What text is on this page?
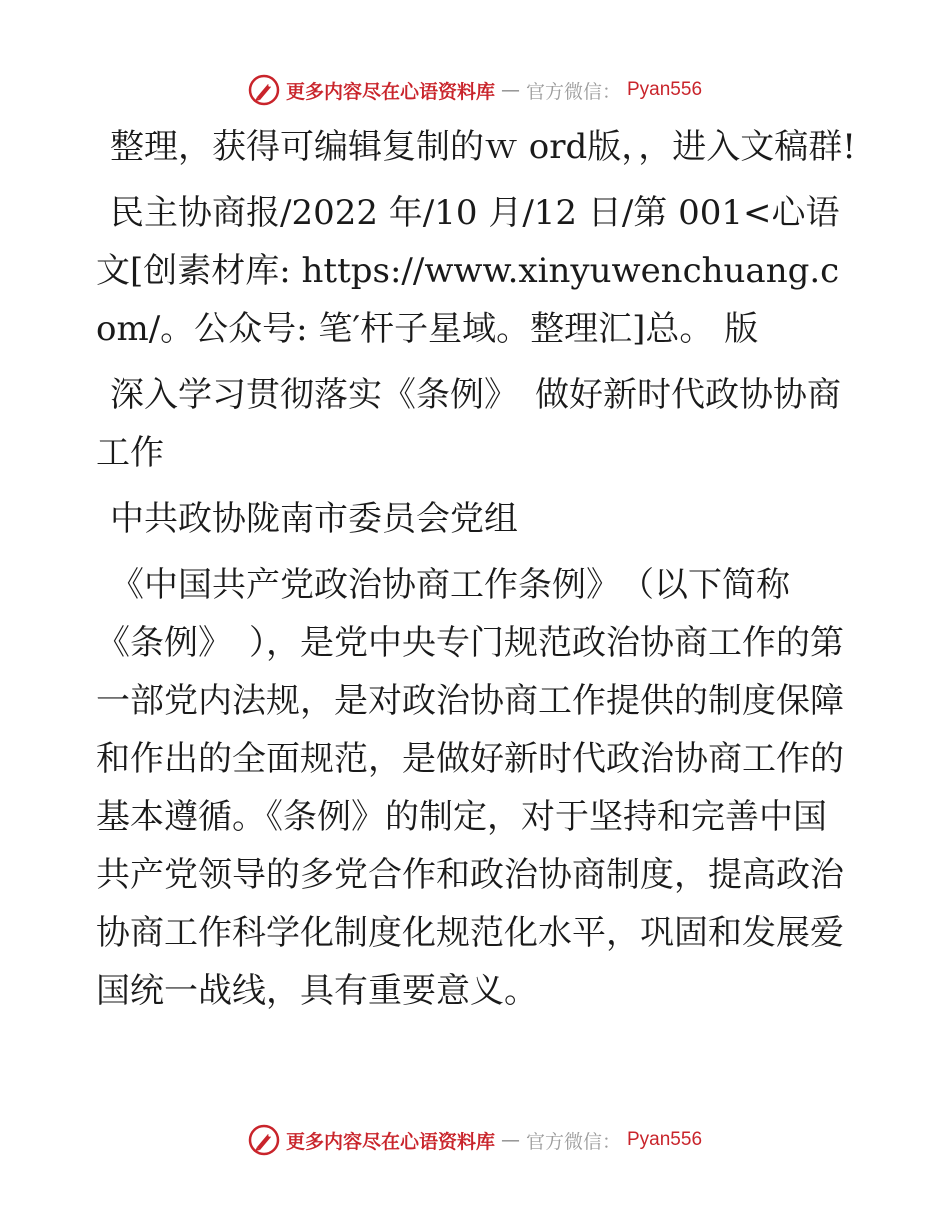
更多内容尽在心语资料库 — 官方微信： Pyan556

整理，获得可编辑复制的ｗ ord版，，进入文稿群!

民主协商报/2022 年/10 月/12 日/第 001<心语文[创素材库: https://www.xinyuwenchuang.com/。公众号: 笔′杆子星域。整理汇]总。 版

深入学习贯彻落实《条例》　做好新时代政协协商工作

中共政协陇南市委员会党组

《中国共产党政治协商工作条例》　（以下简称《条例》　），是党中央专门规范政治协商工作的第一部党内法规，是对政治协商工作提供的制度保障和作出的全面规范，是做好新时代政治协商工作的基本遵循。《条例》的制定，对于坚持和完善中国共产党领导的多党合作和政治协商制度，提高政治协商工作科学化制度化规范化水平，巩固和发展爱国统一战线，具有重要意义。

更多内容尽在心语资料库 — 官方微信： Pyan556
